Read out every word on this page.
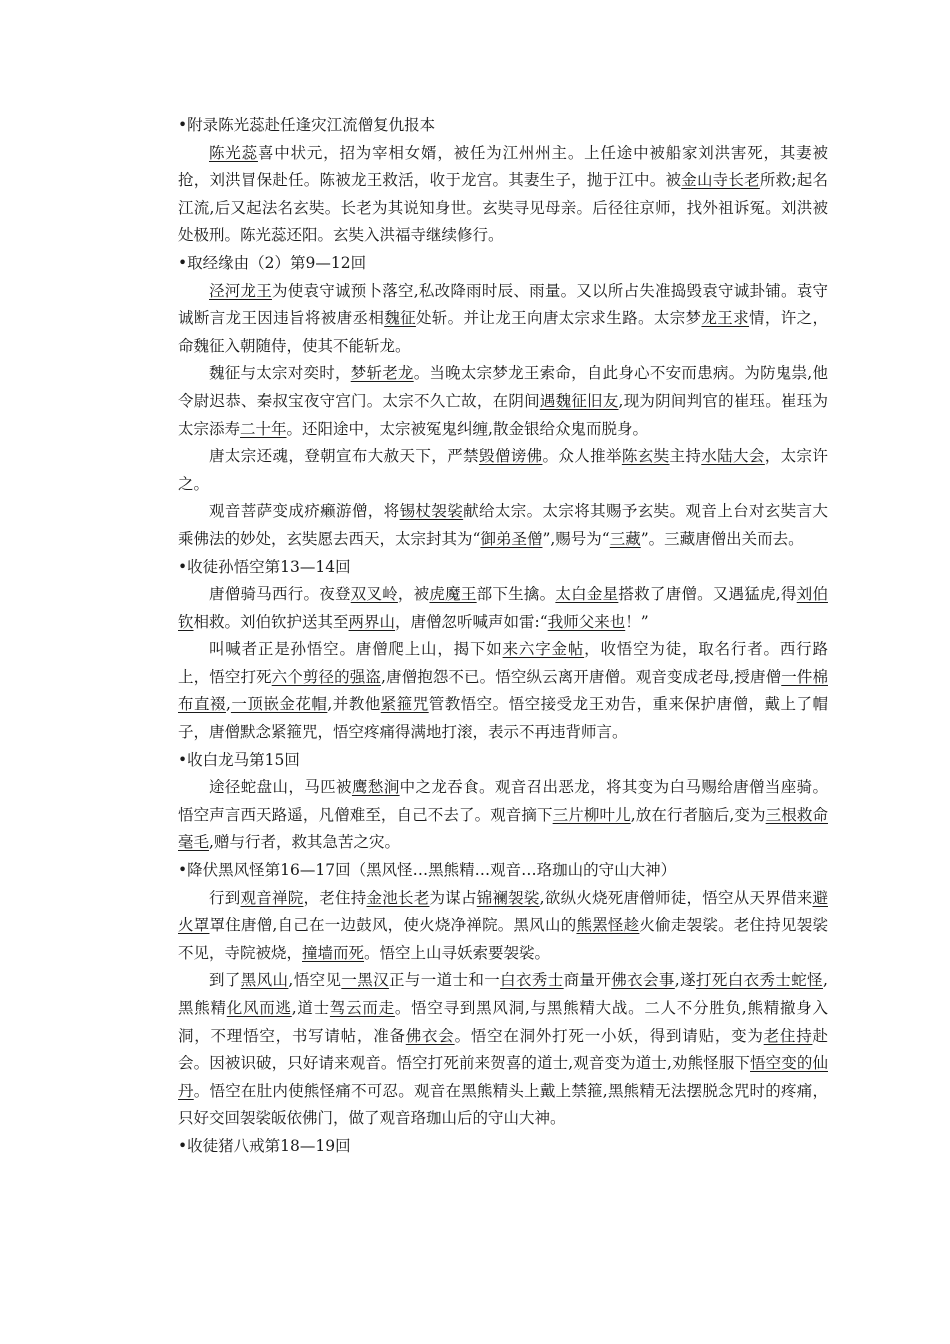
•附录陈光蕊赴任逢灾江流僧复仇报本

陈光蕊喜中状元，招为宰相女婿，被任为江州州主。上任途中被船家刘洪害死，其妻被抢，刘洪冒保赴任。陈被龙王救活，收于龙宫。其妻生子，抛于江中。被金山寺长老所救;起名江流,后又起法名玄奘。长老为其说知身世。玄奘寻见母亲。后径往京师，找外祖诉冤。刘洪被处极刑。陈光蕊还阳。玄奘入洪福寺继续修行。

•取经缘由（2）第9—12回

泾河龙王为使袁守诚预卜落空,私改降雨时辰、雨量。又以所占失准捣毁袁守诚卦铺。袁守诚断言龙王因违旨将被唐丞相魏征处斩。并让龙王向唐太宗求生路。太宗梦龙王求情，许之，命魏征入朝随侍，使其不能斩龙。

魏征与太宗对奕时，梦斩老龙。当晚太宗梦龙王索命，自此身心不安而患病。为防鬼祟,他令尉迟恭、秦叔宝夜守宫门。太宗不久亡故，在阴间遇魏征旧友,现为阴间判官的崔珏。崔珏为太宗添寿二十年。还阳途中，太宗被冤鬼纠缠,散金银给众鬼而脱身。

唐太宗还魂，登朝宣布大赦天下，严禁毁僧谤佛。众人推举陈玄奘主持水陆大会，太宗许之。

观音菩萨变成疥癞游僧，将锡杖袈裟献给太宗。太宗将其赐予玄奘。观音上台对玄奘言大乘佛法的妙处，玄奘愿去西天，太宗封其为“御弟圣僧”,赐号为“三藏”。三藏唐僧出关而去。

•收徒孙悟空第13—14回

唐僧骑马西行。夜登双叉岭，被虎魔王部下生擒。太白金星搭救了唐僧。又遇猛虎,得刘伯钦相救。刘伯钦护送其至两界山，唐僧忽听喊声如雷:“我师父来也！”

叫喊者正是孙悟空。唐僧爬上山，揭下如来六字金帖，收悟空为徒，取名行者。西行路上，悟空打死六个剪径的强盗,唐僧抱怨不已。悟空纵云离开唐僧。观音变成老母,授唐僧一件棉布直裰,一顶嵌金花帽,并教他紧箍咒管教悟空。悟空接受龙王劝告，重来保护唐僧，戴上了帽子，唐僧默念紧箍咒，悟空疼痛得满地打滚，表示不再违背师言。

•收白龙马第15回

途径蛇盘山，马匹被鹰愁涧中之龙吞食。观音召出恶龙，将其变为白马赐给唐僧当座骑。悟空声言西天路遥，凡僧难至，自己不去了。观音摘下三片柳叶儿,放在行者脑后,变为三根救命毫毛,赠与行者，救其急苦之灾。

•降伏黑风怪第16—17回（黑风怪…黑熊精…观音…珞珈山的守山大神）

行到观音禅院，老住持金池长老为谋占锦襕袈裟,欲纵火烧死唐僧师徒，悟空从天界借来避火罩罩住唐僧,自己在一边鼓风，使火烧净禅院。黑风山的熊罴怪趁火偷走袈裟。老住持见袈裟不见，寺院被烧，撞墙而死。悟空上山寻妖索要袈裟。

到了黑风山,悟空见一黑汉正与一道士和一白衣秀士商量开佛衣会事,遂打死白衣秀士蛇怪,黑熊精化风而逃,道士驾云而走。悟空寻到黑风洞,与黑熊精大战。二人不分胜负,熊精撤身入洞，不理悟空，书写请帖，准备佛衣会。悟空在洞外打死一小妖，得到请贴，变为老住持赴会。因被识破，只好请来观音。悟空打死前来贺喜的道士,观音变为道士,劝熊怪服下悟空变的仙丹。悟空在肚内使熊怪痛不可忍。观音在黑熊精头上戴上禁箍,黑熊精无法摆脱念咒时的疼痛，只好交回袈裟皈依佛门，做了观音珞珈山后的守山大神。

•收徒猪八戒第18—19回
